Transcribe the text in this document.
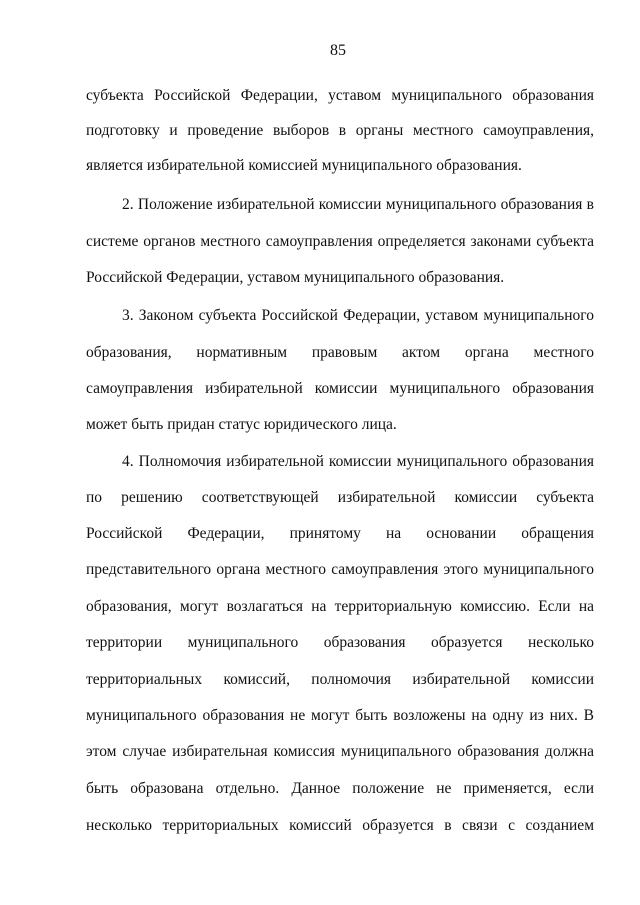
85
субъекта Российской Федерации, уставом муниципального образования
подготовку и проведение выборов в органы местного самоуправления,
является избирательной комиссией муниципального образования.
2. Положение избирательной комиссии муниципального образования в
системе органов местного самоуправления определяется законами субъекта
Российской Федерации, уставом муниципального образования.
3. Законом субъекта Российской Федерации, уставом муниципального
образования, нормативным правовым актом органа местного
самоуправления избирательной комиссии муниципального образования
может быть придан статус юридического лица.
4. Полномочия избирательной комиссии муниципального образования
по решению соответствующей избирательной комиссии субъекта
Российской Федерации, принятому на основании обращения
представительного органа местного самоуправления этого муниципального
образования, могут возлагаться на территориальную комиссию. Если на
территории муниципального образования образуется несколько
территориальных комиссий, полномочия избирательной комиссии
муниципального образования не могут быть возложены на одну из них. В
этом случае избирательная комиссия муниципального образования должна
быть образована отдельно. Данное положение не применяется, если
несколько территориальных комиссий образуется в связи с созданием
